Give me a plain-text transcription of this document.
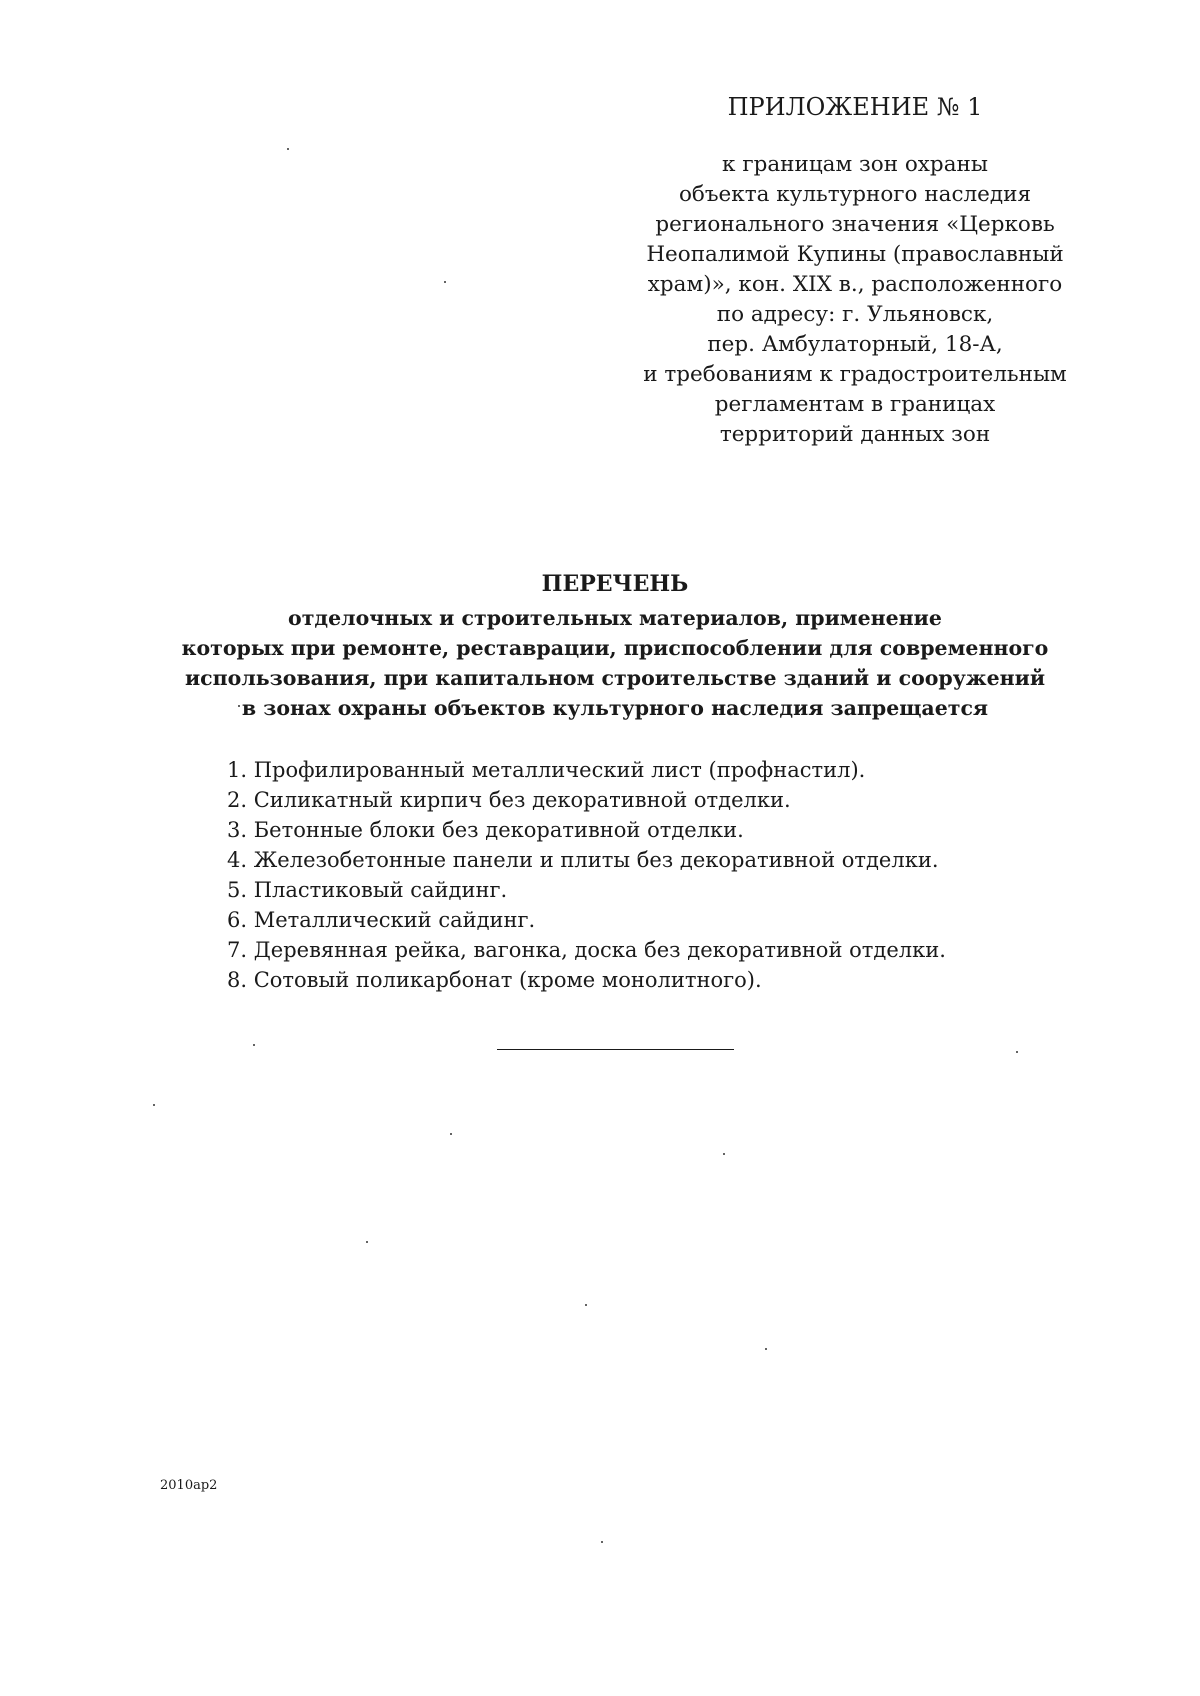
ПРИЛОЖЕНИЕ № 1
к границам зон охраны
объекта культурного наследия
регионального значения «Церковь
Неопалимой Купины (православный
храм)», кон. XIX в., расположенного
по адресу: г. Ульяновск,
пер. Амбулаторный, 18-А,
и требованиям к градостроительным
регламентам в границах
территорий данных зон
ПЕРЕЧЕНЬ
отделочных и строительных материалов, применение
которых при ремонте, реставрации, приспособлении для современного
использования, при капитальном строительстве зданий и сооружений
в зонах охраны объектов культурного наследия запрещается
1. Профилированный металлический лист (профнастил).
2. Силикатный кирпич без декоративной отделки.
3. Бетонные блоки без декоративной отделки.
4. Железобетонные панели и плиты без декоративной отделки.
5. Пластиковый сайдинг.
6. Металлический сайдинг.
7. Деревянная рейка, вагонка, доска без декоративной отделки.
8. Сотовый поликарбонат (кроме монолитного).
2010ap2
